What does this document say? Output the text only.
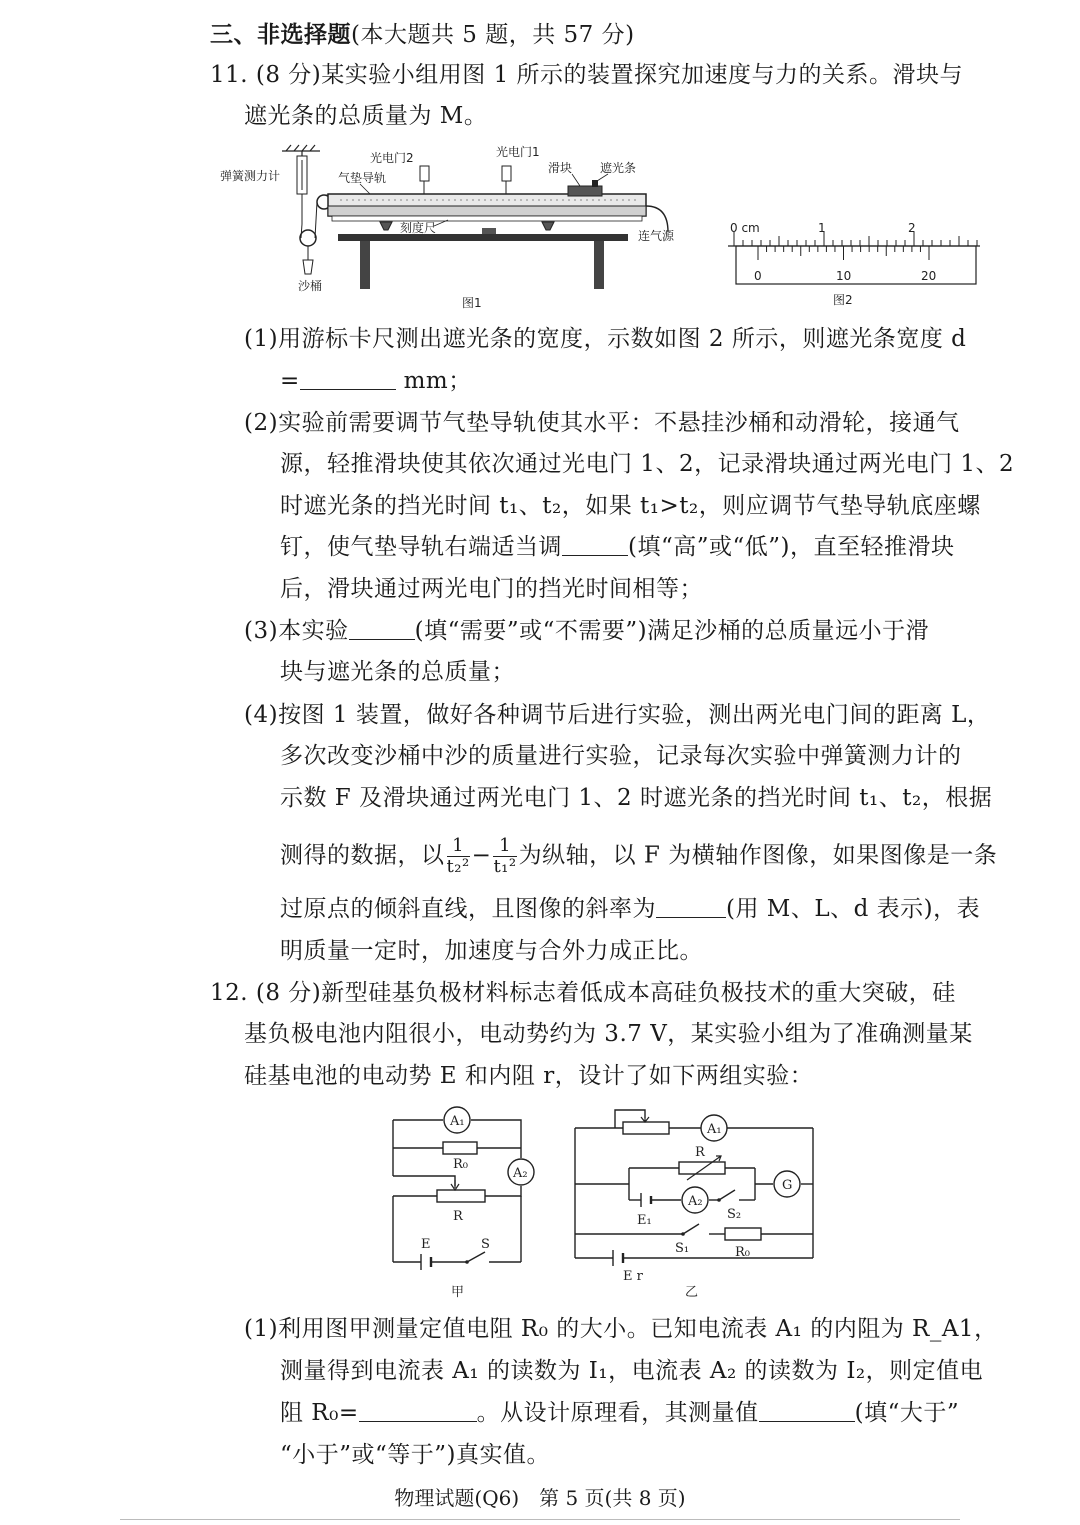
三、非选择题(本大题共 5 题，共 57 分)
11. (8 分)某实验小组用图 1 所示的装置探究加速度与力的关系。滑块与
遮光条的总质量为 M。
弹簧测力计
光电门2	光电门1
滑块 遮光条
气垫导轨
刻度尺
连气源
沙桶
图1
0 cm	1	2
0	10	20
图2
(1)用游标卡尺测出遮光条的宽度，示数如图 2 所示，则遮光条宽度 d
=	mm；
(2)实验前需要调节气垫导轨使其水平：不悬挂沙桶和动滑轮，接通气
源，轻推滑块使其依次通过光电门 1、2，记录滑块通过两光电门 1、2
时遮光条的挡光时间 t₁、t₂，如果 t₁>t₂，则应调节气垫导轨底座螺
钉，使气垫导轨右端适当调	(填“高”或“低”)，直至轻推滑块
后，滑块通过两光电门的挡光时间相等；
(3)本实验	(填“需要”或“不需要”)满足沙桶的总质量远小于滑
块与遮光条的总质量；
(4)按图 1 装置，做好各种调节后进行实验，测出两光电门间的距离 L，
多次改变沙桶中沙的质量进行实验，记录每次实验中弹簧测力计的
示数 F 及滑块通过两光电门 1、2 时遮光条的挡光时间 t₁、t₂，根据
测得的数据，以 $\frac{1}{\text{t₂²}} - \frac{1}{\text{t₁²}}$ 为纵轴，以 F 为横轴作图像，如果图像是一条
过原点的倾斜直线，且图像的斜率为	(用 M、L、d 表示)，表
明质量一定时，加速度与合外力成正比。
12. (8 分)新型硅基负极材料标志着低成本高硅负极技术的重大突破，硅
基负极电池内阻很小，电动势约为 3.7 V，某实验小组为了准确测量某
硅基电池的电动势 E 和内阻 r，设计了如下两组实验：
A₁
R₀
A₂
R
E	S
甲
A₁
R
G
E₁
A₂
S₂
E r
S₁	R₀
乙
(1)利用图甲测量定值电阻 R₀ 的大小。已知电流表 A₁ 的内阻为 R_A1，
测量得到电流表 A₁ 的读数为 I₁，电流表 A₂ 的读数为 I₂，则定值电
阻 R₀=	。从设计原理看，其测量值	(填“大于”
“小于”或“等于”)真实值。
物理试题(Q6)　第 5 页(共 8 页)
